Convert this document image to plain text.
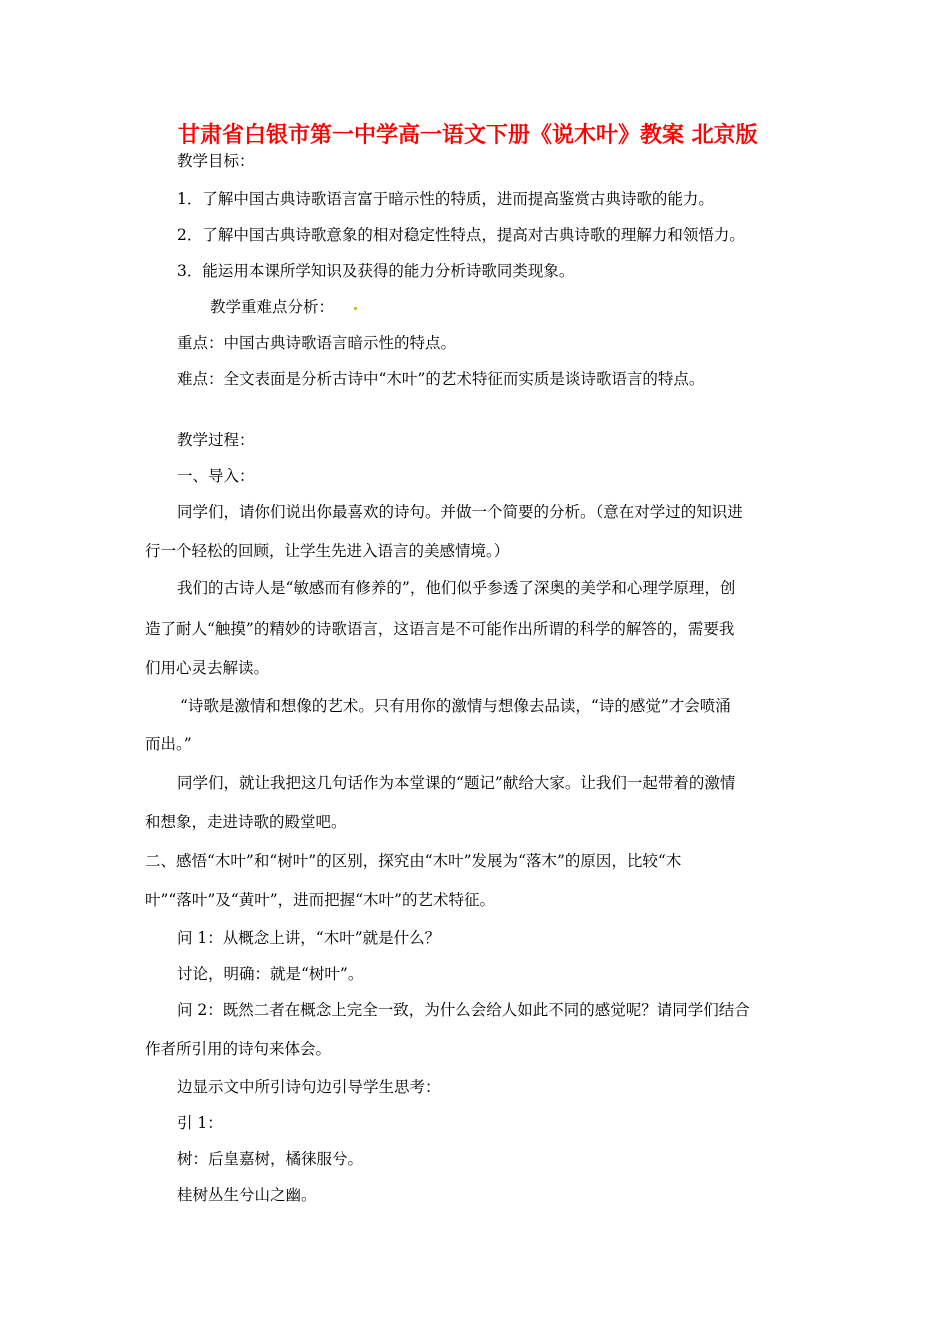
甘肃省白银市第一中学高一语文下册《说木叶》教案 北京版
教学目标：
1．了解中国古典诗歌语言富于暗示性的特质，进而提高鉴赏古典诗歌的能力。
2．了解中国古典诗歌意象的相对稳定性特点，提高对古典诗歌的理解力和领悟力。
3．能运用本课所学知识及获得的能力分析诗歌同类现象。
教学重难点分析：
重点：中国古典诗歌语言暗示性的特点。
难点：全文表面是分析古诗中“木叶”的艺术特征而实质是谈诗歌语言的特点。
教学过程：
一、导入：
同学们，请你们说出你最喜欢的诗句。并做一个简要的分析。（意在对学过的知识进
行一个轻松的回顾，让学生先进入语言的美感情境。）
我们的古诗人是“敏感而有修养的”，他们似乎参透了深奥的美学和心理学原理，创
造了耐人“触摸”的精妙的诗歌语言，这语言是不可能作出所谓的科学的解答的，需要我
们用心灵去解读。
“诗歌是激情和想像的艺术。只有用你的激情与想像去品读，“诗的感觉”才会喷涌
而出。”
同学们，就让我把这几句话作为本堂课的“题记”献给大家。让我们一起带着的激情
和想象，走进诗歌的殿堂吧。
二、感悟“木叶”和“树叶”的区别，探究由“木叶”发展为“落木”的原因，比较“木
叶”“落叶”及“黄叶”，进而把握“木叶”的艺术特征。
问 1：从概念上讲，“木叶”就是什么？
讨论，明确：就是“树叶”。
问 2：既然二者在概念上完全一致，为什么会给人如此不同的感觉呢？请同学们结合
作者所引用的诗句来体会。
边显示文中所引诗句边引导学生思考：
引 1：
树：后皇嘉树，橘徕服兮。
桂树丛生兮山之幽。
